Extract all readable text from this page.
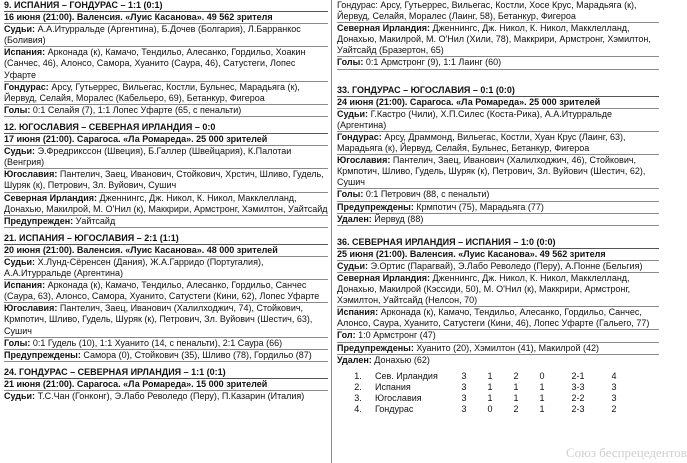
9. ИСПАНИЯ – ГОНДУРАС – 1:1 (0:1)
16 июня (21:00). Валенсия. «Луис Касанова». 49 562 зрителя
Судьи: А.А.Итурральде (Аргентина), Б.Дочев (Болгария), Л.Барранкос (Боливия)
Испания: Арконада (к), Камачо, Тендильо, Алесанко, Гордильо, Хоакин (Санчес, 46), Алонсо, Самора, Хуанито (Саура, 46), Сатустеги, Лопес Уфарте
Гондурас: Арсу, Гутьеррес, Вильегас, Костли, Бульнес, Марадьяга (к), Йервуд, Селайя, Моралес (Кабельеро, 69), Бетанкур, Фигероа
Голы: 0:1 Селайя (7), 1:1 Лопес Уфарте (65, с пенальти)
12. ЮГОСЛАВИЯ – СЕВЕРНАЯ ИРЛАНДИЯ – 0:0
17 июня (21:00). Сарагоса. «Ла Ромареда». 25 000 зрителей
Судьи: Э.Фредрикссон (Швеция), Б.Галлер (Швейцария), К.Палотаи (Венгрия)
Югославия: Пантелич, Заец, Иванович, Стойкович, Хрстич, Шливо, Гудель, Шуряк (к), Петрович, Зл. Вуйович, Сушич
Северная Ирландия: Дженнингс, Дж. Никол, К. Никол, Макклелланд, Донахью, Макилрой, М. О'Нил (к), Маккрири, Армстронг, Хэмилтон, Уайтсайд
Предупрежден: Уайтсайд
21. ИСПАНИЯ – ЮГОСЛАВИЯ – 2:1 (1:1)
20 июня (21:00). Валенсия. «Луис Касанова». 48 000 зрителей
Судьи: Х.Лунд-Сёренсен (Дания), Ж.А.Гарридо (Португалия), А.А.Итурральде (Аргентина)
Испания: Арконада (к), Камачо, Тендильо, Алесанко, Гордильо, Санчес (Саура, 63), Алонсо, Самора, Хуанито, Сатустеги (Кини, 62), Лопес Уфарте
Югославия: Пантелич, Заец, Иванович (Халилходжич, 74), Стойкович, Крмпотич, Шливо, Гудель, Шуряк (к), Петрович, Зл. Вуйович (Шестич, 63), Сушич
Голы: 0:1 Гудель (10), 1:1 Хуанито (14, с пенальти), 2:1 Саура (66)
Предупреждены: Самора (0), Стойкович (35), Шливо (78), Гордильо (87)
24. ГОНДУРАС – СЕВЕРНАЯ ИРЛАНДИЯ – 1:1 (0:1)
21 июня (21:00). Сарагоса. «Ла Ромареда». 15 000 зрителей
Судьи: Т.С.Чан (Гонконг), Э.Лабо Револедо (Перу), П.Казарин (Италия)
Гондурас: Арсу, Гутьеррес, Вильегас, Костли, Хосе Крус, Марадьяга (к), Йервуд, Селайя, Моралес (Лаинг, 58), Бетанкур, Фигероа
Северная Ирландия: Дженнингс, Дж. Никол, К. Никол, Макклелланд, Донахью, Макилрой, М. О'Нил (Хили, 78), Маккрири, Армстронг, Хэмилтон, Уайтсайд (Бразертон, 65)
Голы: 0:1 Армстронг (9), 1:1 Лаинг (60)
33. ГОНДУРАС – ЮГОСЛАВИЯ – 0:1 (0:0)
24 июня (21:00). Сарагоса. «Ла Ромареда». 25 000 зрителей
Судьи: Г.Кастро (Чили), Х.П.Силес (Коста-Рика), А.А.Итурральде (Аргентина)
Гондурас: Арсу, Драммонд, Вильегас, Костли, Хуан Крус (Лаинг, 63), Марадьяга (к), Йервуд, Селайя, Бульнес, Бетанкур, Фигероа
Югославия: Пантелич, Заец, Иванович (Халилходжич, 46), Стойкович, Крмпотич, Шливо, Гудель, Шуряк (к), Петрович, Зл. Вуйович (Шестич, 62), Сушич
Голы: 0:1 Петрович (88, с пенальти)
Предупреждены: Крмпотич (75), Марадьяга (77)
Удален: Йервуд (88)
36. СЕВЕРНАЯ ИРЛАНДИЯ – ИСПАНИЯ – 1:0 (0:0)
25 июня (21:00). Валенсия. «Луис Касанова». 49 562 зрителя
Судьи: Э.Ортис (Парагвай), Э.Лабо Револедо (Перу), А.Понне (Бельгия)
Северная Ирландия: Дженнингс, Дж. Никол, К. Никол, Макклелланд, Донахью, Макилрой (Кэссиди, 50), М. О'Нил (к), Маккрири, Армстронг, Хэмилтон, Уайтсайд (Нелсон, 70)
Испания: Арконада (к), Камачо, Тендильо, Алесанко, Гордильо, Санчес, Алонсо, Саура, Хуанито, Сатустеги (Кини, 46), Лопес Уфарте (Гальего, 77)
Гол: 1:0 Армстронг (47)
Предупреждены: Хуанито (20), Хэмилтон (41), Макилрой (42)
Удален: Донахью (62)
1.	Сев. Ирландия	3	1	2	0	2-1	4
2.	Испания	3	1	1	1	3-3	3
3.	Югославия	3	1	1	1	2-2	3
4.	Гондурас	3	0	2	1	2-3	2
Союз беспрецедентов
